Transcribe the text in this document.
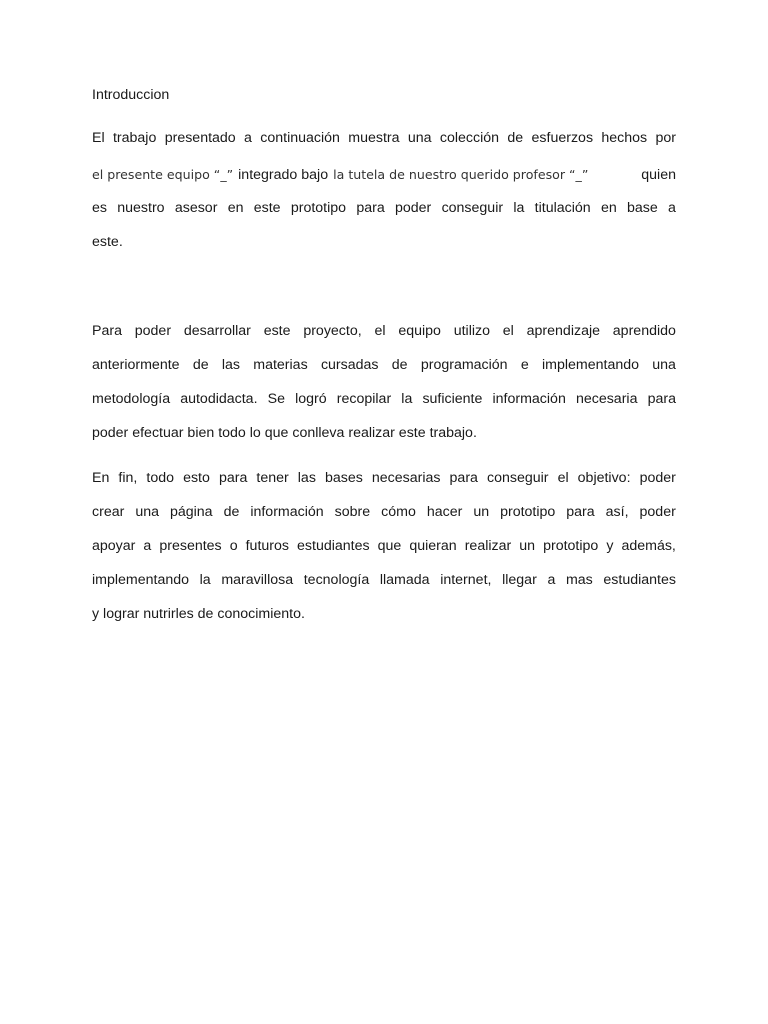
Introduccion
El trabajo presentado a continuación muestra una colección de esfuerzos hechos por
el presente equipo “_” integrado bajo la tutela de nuestro querido profesor “_”	quien
es nuestro asesor en este prototipo para poder conseguir la titulación en base a
este.
Para poder desarrollar este proyecto, el equipo utilizo el aprendizaje aprendido
anteriormente de las materias cursadas de programación e implementando una
metodología autodidacta. Se logró recopilar la suficiente información necesaria para
poder efectuar bien todo lo que conlleva realizar este trabajo.
En fin, todo esto para tener las bases necesarias para conseguir el objetivo: poder
crear una página de información sobre cómo hacer un prototipo para así, poder
apoyar a presentes o futuros estudiantes que quieran realizar un prototipo y además,
implementando la maravillosa tecnología llamada internet, llegar a mas estudiantes
y lograr nutrirles de conocimiento.
